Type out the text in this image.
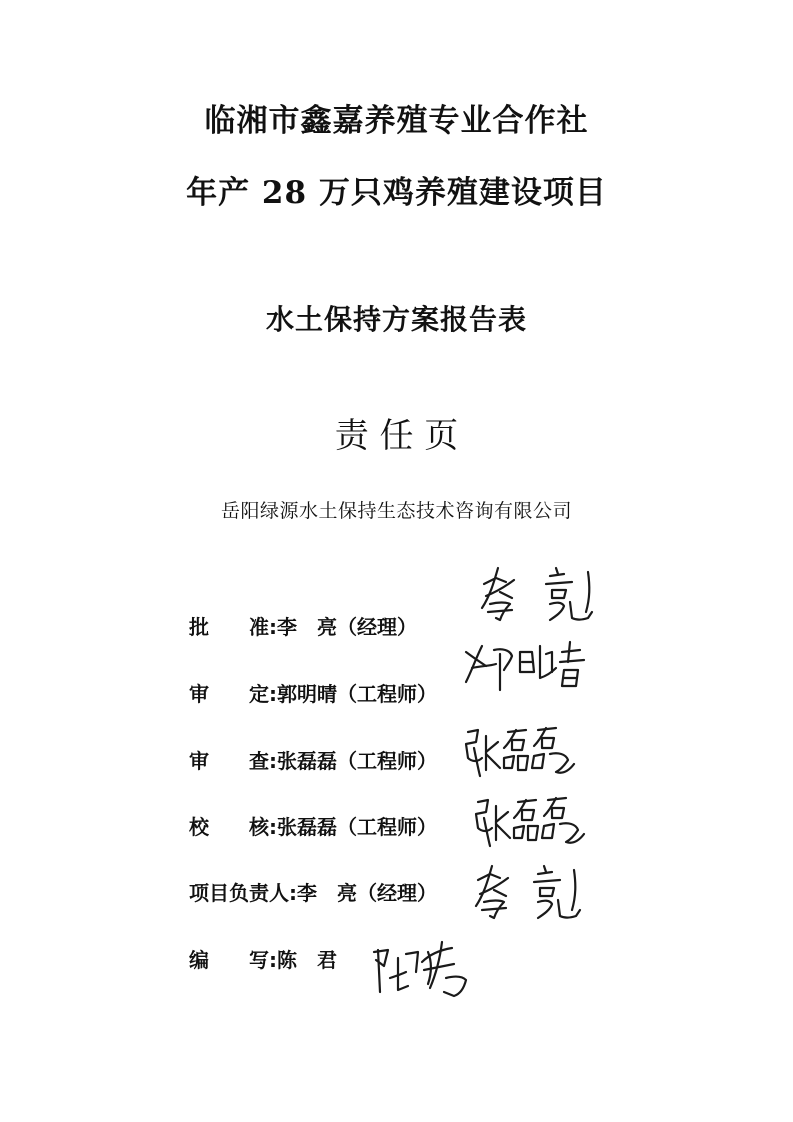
临湘市鑫嘉养殖专业合作社
年产 28 万只鸡养殖建设项目
水土保持方案报告表
责 任 页
岳阳绿源水土保持生态技术咨询有限公司
批　　准: 李　亮（经理）
审　　定: 郭明晴（工程师）
审　　查: 张磊磊（工程师）
校　　核: 张磊磊（工程师）
项目负责人: 李　亮（经理）
编　　写: 陈　君
